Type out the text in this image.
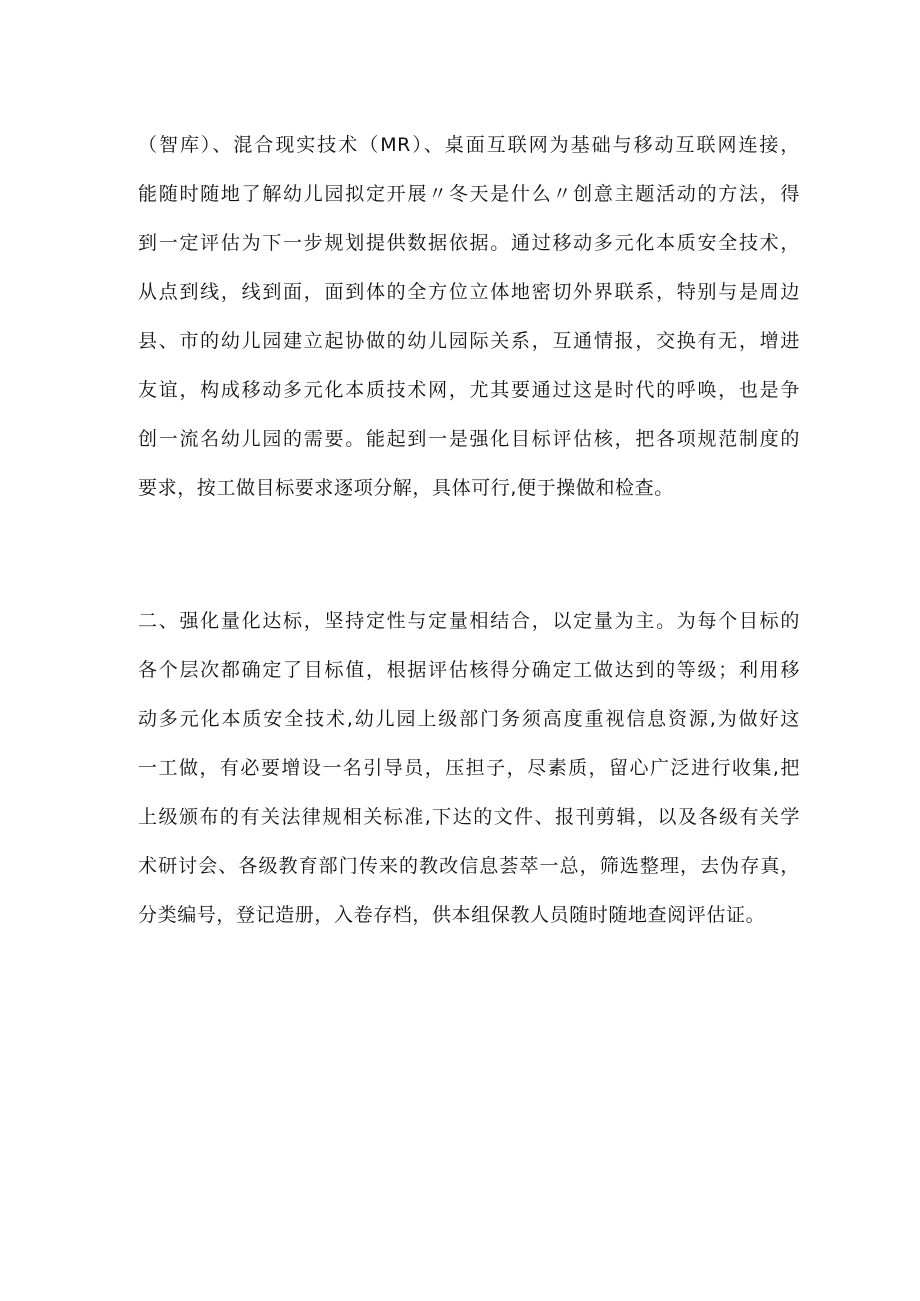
（智库）、混合现实技术（MR）、桌面互联网为基础与移动互联网连接，
能随时随地了解幼儿园拟定开展〃冬天是什么〃创意主题活动的方法，得
到一定评估为下一步规划提供数据依据。通过移动多元化本质安全技术，
从点到线，线到面，面到体的全方位立体地密切外界联系，特别与是周边
县、市的幼儿园建立起协做的幼儿园际关系，互通情报，交换有无，增进
友谊，构成移动多元化本质技术网，尤其要通过这是时代的呼唤，也是争
创一流名幼儿园的需要。能起到一是强化目标评估核，把各项规范制度的
要求，按工做目标要求逐项分解，具体可行,便于操做和检查。
二、强化量化达标，坚持定性与定量相结合，以定量为主。为每个目标的
各个层次都确定了目标值，根据评估核得分确定工做达到的等级；利用移
动多元化本质安全技术,幼儿园上级部门务须高度重视信息资源,为做好这
一工做，有必要增设一名引导员，压担子，尽素质，留心广泛进行收集,把
上级颁布的有关法律规相关标准,下达的文件、报刊剪辑，以及各级有关学
术研讨会、各级教育部门传来的教改信息荟萃一总，筛选整理，去伪存真，
分类编号，登记造册，入卷存档，供本组保教人员随时随地查阅评估证。
